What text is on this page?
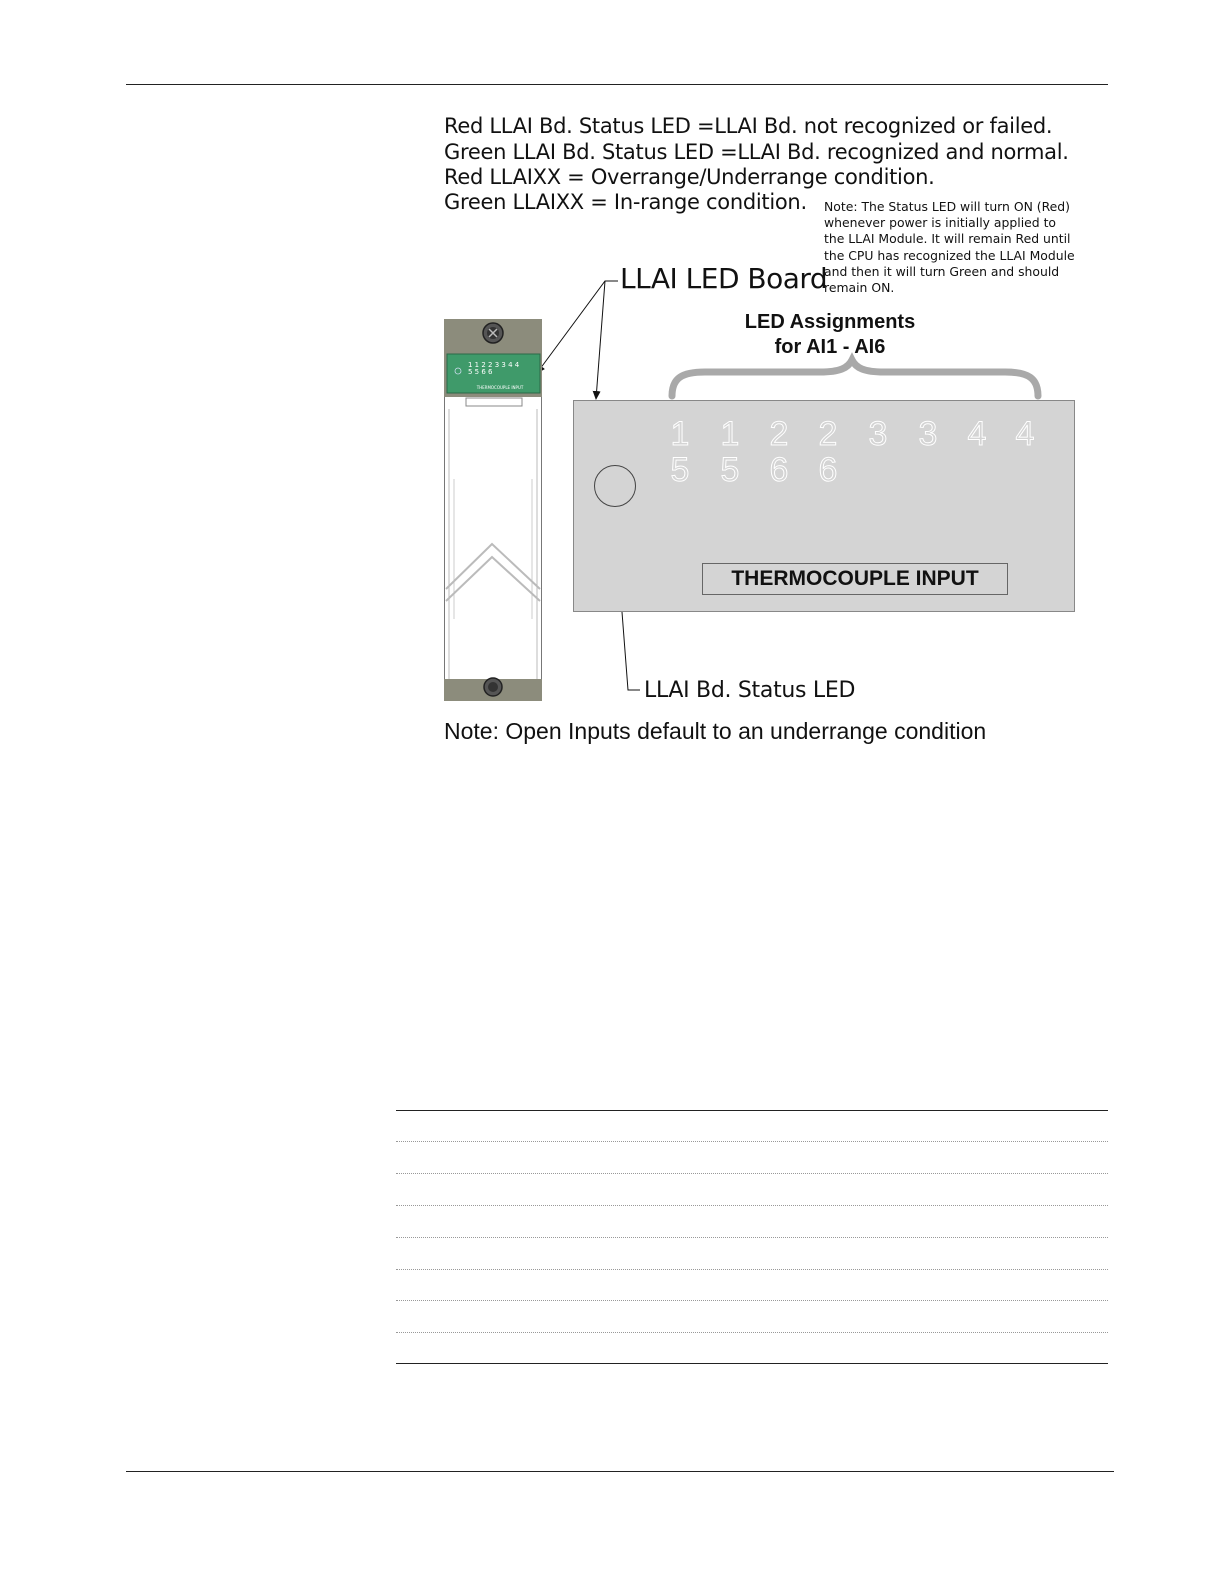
Red LLAI Bd. Status LED =LLAI Bd. not recognized or failed.
Green LLAI Bd. Status LED =LLAI Bd. recognized and normal.
Red LLAIXX = Overrange/Underrange condition.
Green LLAIXX = In-range condition. Note: The Status LED will turn ON (Red)
whenever power is initially applied to
the LLAI Module. It will remain Red until
the CPU has recognized the LLAI Module
and then it will turn Green and should
remain ON.
LLAI LED Board
LED Assignments
for AI1 - AI6
1 1 2 2 3 3 4 4
5 5 6 6
THERMOCOUPLE INPUT
THERMOCOUPLE INPUT
1 1 2 2 3 3 4 4
5 5 6 6
LLAI Bd. Status LED
Note: Open Inputs default to an underrange condition
